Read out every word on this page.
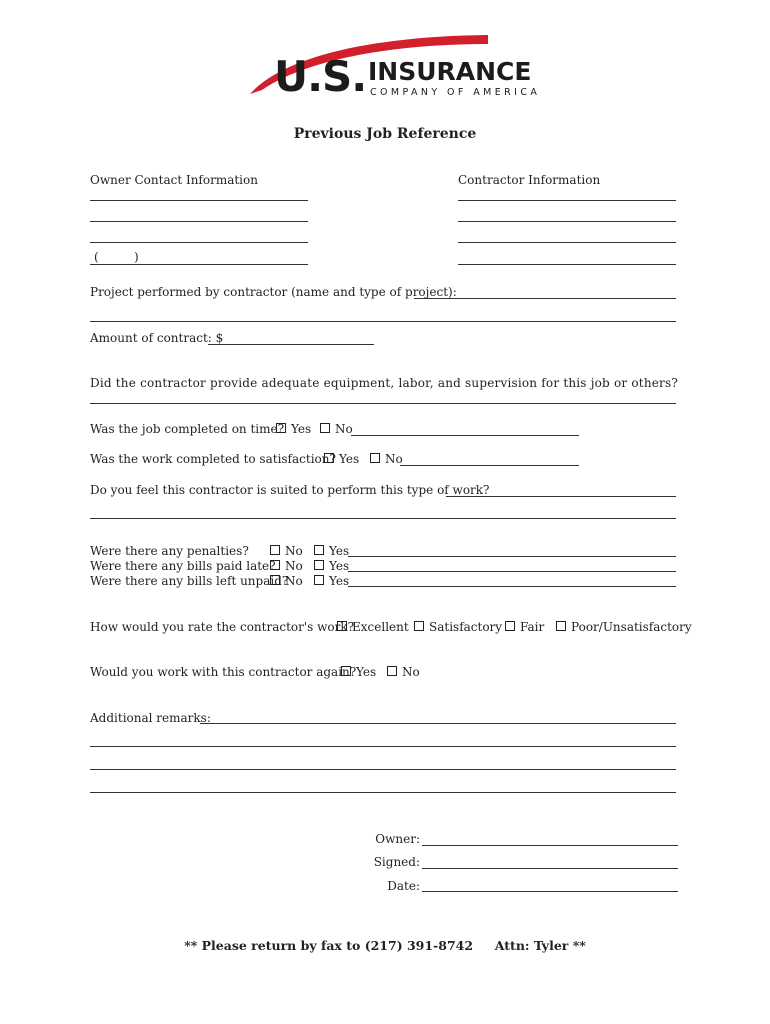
U.S. INSURANCE
COMPANY OF AMERICA
Previous Job Reference
Owner Contact Information	Contractor Information
(	)
Project performed by contractor (name and type of project):
Amount of contract: $
Did the contractor provide adequate equipment, labor, and supervision for this job or others?
Was the job completed on time? Yes	No
Was the work completed to satisfaction? Yes	No
Do you feel this contractor is suited to perform this type of work?
Were there any penalties?	No	Yes
Were there any bills paid late? No	Yes
Were there any bills left unpaid?
No	Yes
How would you rate the contractor's work?
Excellent	Satisfactory	Fair	Poor/Unsatisfactory
Would you work with this contractor again? Yes	No
Additional remarks:
Owner:
Signed:
Date:
** Please return by fax to (217) 391-8742     Attn: Tyler **
